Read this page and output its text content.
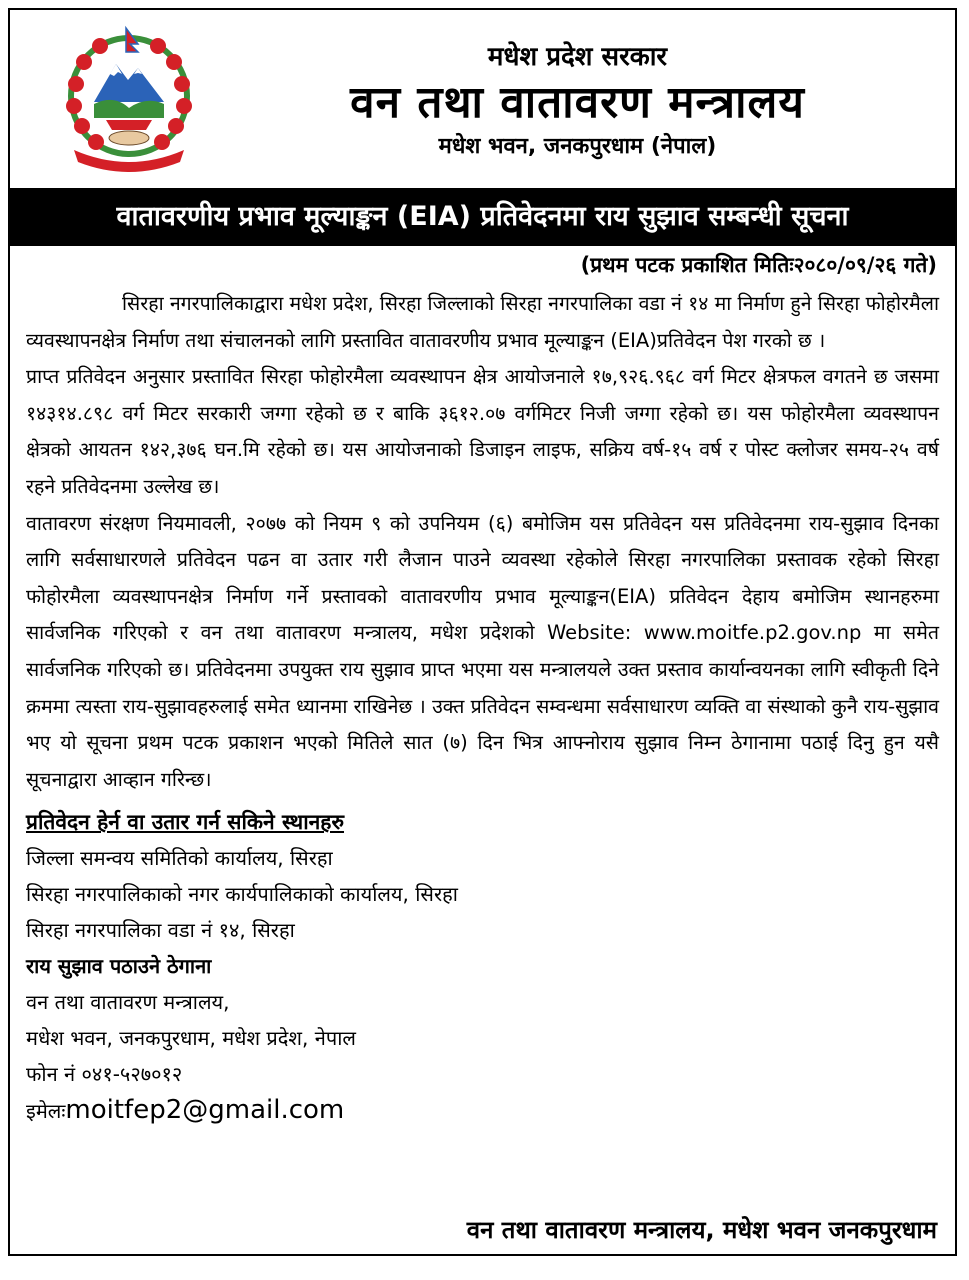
मधेश प्रदेश सरकार
वन तथा वातावरण मन्त्रालय
मधेश भवन, जनकपुरधाम (नेपाल)
वातावरणीय प्रभाव मूल्याङ्कन (EIA) प्रतिवेदनमा राय सुझाव सम्बन्धी सूचना
(प्रथम पटक प्रकाशित मितिः२०८०/०९/२६ गते)

सिरहा नगरपालिकाद्वारा मधेश प्रदेश, सिरहा जिल्लाको सिरहा नगरपालिका वडा नं १४ मा निर्माण हुने सिरहा फोहोरमैला व्यवस्थापनक्षेत्र निर्माण तथा संचालनको लागि प्रस्तावित वातावरणीय प्रभाव मूल्याङ्कन (EIA)प्रतिवेदन पेश गरको छ ।

प्राप्त प्रतिवेदन अनुसार प्रस्तावित सिरहा फोहोरमैला व्यवस्थापन क्षेत्र आयोजनाले १७,९२६.९६८ वर्ग मिटर क्षेत्रफल वगतने छ जसमा १४३१४.८९८ वर्ग मिटर सरकारी जग्गा रहेको छ र बाकि ३६१२.०७ वर्गमिटर निजी जग्गा रहेको छ। यस फोहोरमैला व्यवस्थापन क्षेत्रको आयतन १४२,३७६ घन.मि रहेको छ। यस आयोजनाको डिजाइन लाइफ, सक्रिय वर्ष-१५ वर्ष र पोस्ट क्लोजर समय-२५ वर्ष रहने प्रतिवेदनमा उल्लेख छ।

वातावरण संरक्षण नियमावली, २०७७ को नियम ९ को उपनियम (६) बमोजिम यस प्रतिवेदन यस प्रतिवेदनमा राय-सुझाव दिनका लागि सर्वसाधारणले प्रतिवेदन पढन वा उतार गरी लैजान पाउने व्यवस्था रहेकोले सिरहा नगरपालिका प्रस्तावक रहेको सिरहा फोहोरमैला व्यवस्थापनक्षेत्र निर्माण गर्ने प्रस्तावको वातावरणीय प्रभाव मूल्याङ्कन(EIA) प्रतिवेदन देहाय बमोजिम स्थानहरुमा सार्वजनिक गरिएको र वन तथा वातावरण मन्त्रालय, मधेश प्रदेशको Website: www.moitfe.p2.gov.np मा समेत सार्वजनिक गरिएको छ। प्रतिवेदनमा उपयुक्त राय सुझाव प्राप्त भएमा यस मन्त्रालयले उक्त प्रस्ताव कार्यान्वयनका लागि स्वीकृती दिने क्रममा त्यस्ता राय-सुझावहरुलाई समेत ध्यानमा राखिनेछ । उक्त प्रतिवेदन सम्वन्धमा सर्वसाधारण व्यक्ति वा संस्थाको कुनै राय-सुझाव भए यो सूचना प्रथम पटक प्रकाशन भएको मितिले सात (७) दिन भित्र आफ्नोराय सुझाव निम्न ठेगानामा पठाई दिनु हुन यसै सूचनाद्वारा आव्हान गरिन्छ।

प्रतिवेदन हेर्न वा उतार गर्न सकिने स्थानहरु
जिल्ला समन्वय समितिको कार्यालय, सिरहा
सिरहा नगरपालिकाको नगर कार्यपालिकाको कार्यालय, सिरहा
सिरहा नगरपालिका वडा नं १४, सिरहा
राय सुझाव पठाउने ठेगाना
वन तथा वातावरण मन्त्रालय,
मधेश भवन, जनकपुरधाम, मधेश प्रदेश, नेपाल
फोन नं ०४१-५२७०१२
इमेलःmoitfep2@gmail.com
वन तथा वातावरण मन्त्रालय, मधेश भवन जनकपुरधाम
